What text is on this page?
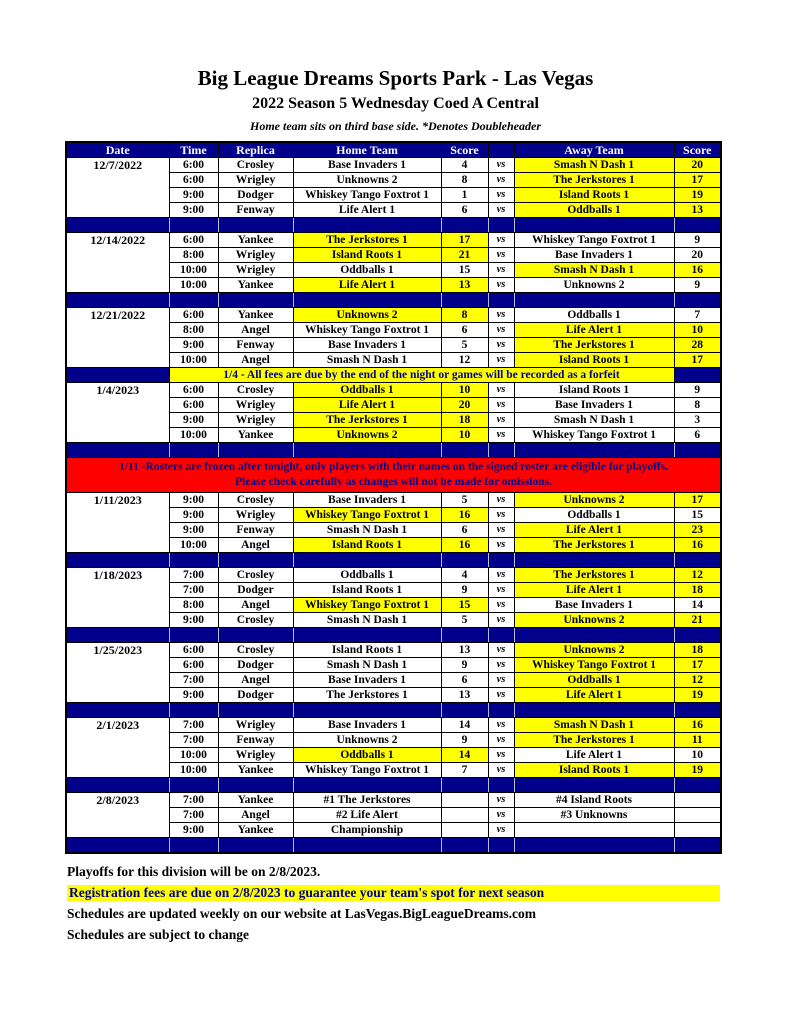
Big League Dreams Sports Park - Las Vegas
2022 Season 5 Wednesday Coed A Central
Home team sits on third base side. *Denotes Doubleheader
Date	Time	Replica	Home Team	Score		Away Team	Score
12/7/2022	6:00	Crosley	Base Invaders 1	4	vs	Smash N Dash 1	20
	6:00	Wrigley	Unknowns 2	8	vs	The Jerkstores 1	17
	9:00	Dodger	Whiskey Tango Foxtrot 1	1	vs	Island Roots 1	19
	9:00	Fenway	Life Alert 1	6	vs	Oddballs 1	13

12/14/2022	6:00	Yankee	The Jerkstores 1	17	vs	Whiskey Tango Foxtrot 1	9
	8:00	Wrigley	Island Roots 1	21	vs	Base Invaders 1	20
	10:00	Wrigley	Oddballs 1	15	vs	Smash N Dash 1	16
	10:00	Yankee	Life Alert 1	13	vs	Unknowns 2	9

12/21/2022	6:00	Yankee	Unknowns 2	8	vs	Oddballs 1	7
	8:00	Angel	Whiskey Tango Foxtrot 1	6	vs	Life Alert 1	10
	9:00	Fenway	Base Invaders 1	5	vs	The Jerkstores 1	28
	10:00	Angel	Smash N Dash 1	12	vs	Island Roots 1	17
	1/4 - All fees are due by the end of the night or games will be recorded as a forfeit						
1/4/2023	6:00	Crosley	Oddballs 1	10	vs	Island Roots 1	9
	6:00	Wrigley	Life Alert 1	20	vs	Base Invaders 1	8
	9:00	Wrigley	The Jerkstores 1	18	vs	Smash N Dash 1	3
	10:00	Yankee	Unknowns 2	10	vs	Whiskey Tango Foxtrot 1	6

1/11 -Rosters are frozen after tonight, only players with their names on the signed roster are eligible for playoffs.
Please check carefully as changes will not be made for omissions.							

1/11/2023	9:00	Crosley	Base Invaders 1	5	vs	Unknowns 2	17
	9:00	Wrigley	Whiskey Tango Foxtrot 1	16	vs	Oddballs 1	15
	9:00	Fenway	Smash N Dash 1	6	vs	Life Alert 1	23
	10:00	Angel	Island Roots 1	16	vs	The Jerkstores 1	16

1/18/2023	7:00	Crosley	Oddballs 1	4	vs	The Jerkstores 1	12
	7:00	Dodger	Island Roots 1	9	vs	Life Alert 1	18
	8:00	Angel	Whiskey Tango Foxtrot 1	15	vs	Base Invaders 1	14
	9:00	Crosley	Smash N Dash 1	5	vs	Unknowns 2	21

1/25/2023	6:00	Crosley	Island Roots 1	13	vs	Unknowns 2	18
	6:00	Dodger	Smash N Dash 1	9	vs	Whiskey Tango Foxtrot 1	17
	7:00	Angel	Base Invaders 1	6	vs	Oddballs 1	12
	9:00	Dodger	The Jerkstores 1	13	vs	Life Alert 1	19

2/1/2023	7:00	Wrigley	Base Invaders 1	14	vs	Smash N Dash 1	16
	7:00	Fenway	Unknowns 2	9	vs	The Jerkstores 1	11
	10:00	Wrigley	Oddballs 1	14	vs	Life Alert 1	10
	10:00	Yankee	Whiskey Tango Foxtrot 1	7	vs	Island Roots 1	19

2/8/2023	7:00	Yankee	#1 The Jerkstores		vs	#4 Island Roots	
	7:00	Angel	#2 Life Alert		vs	#3 Unknowns	
	9:00	Yankee	Championship		vs		

Playoffs for this division will be on 2/8/2023.
Registration fees are due on 2/8/2023 to guarantee your team's spot for next season
Schedules are updated weekly on our website at LasVegas.BigLeagueDreams.com
Schedules are subject to change
